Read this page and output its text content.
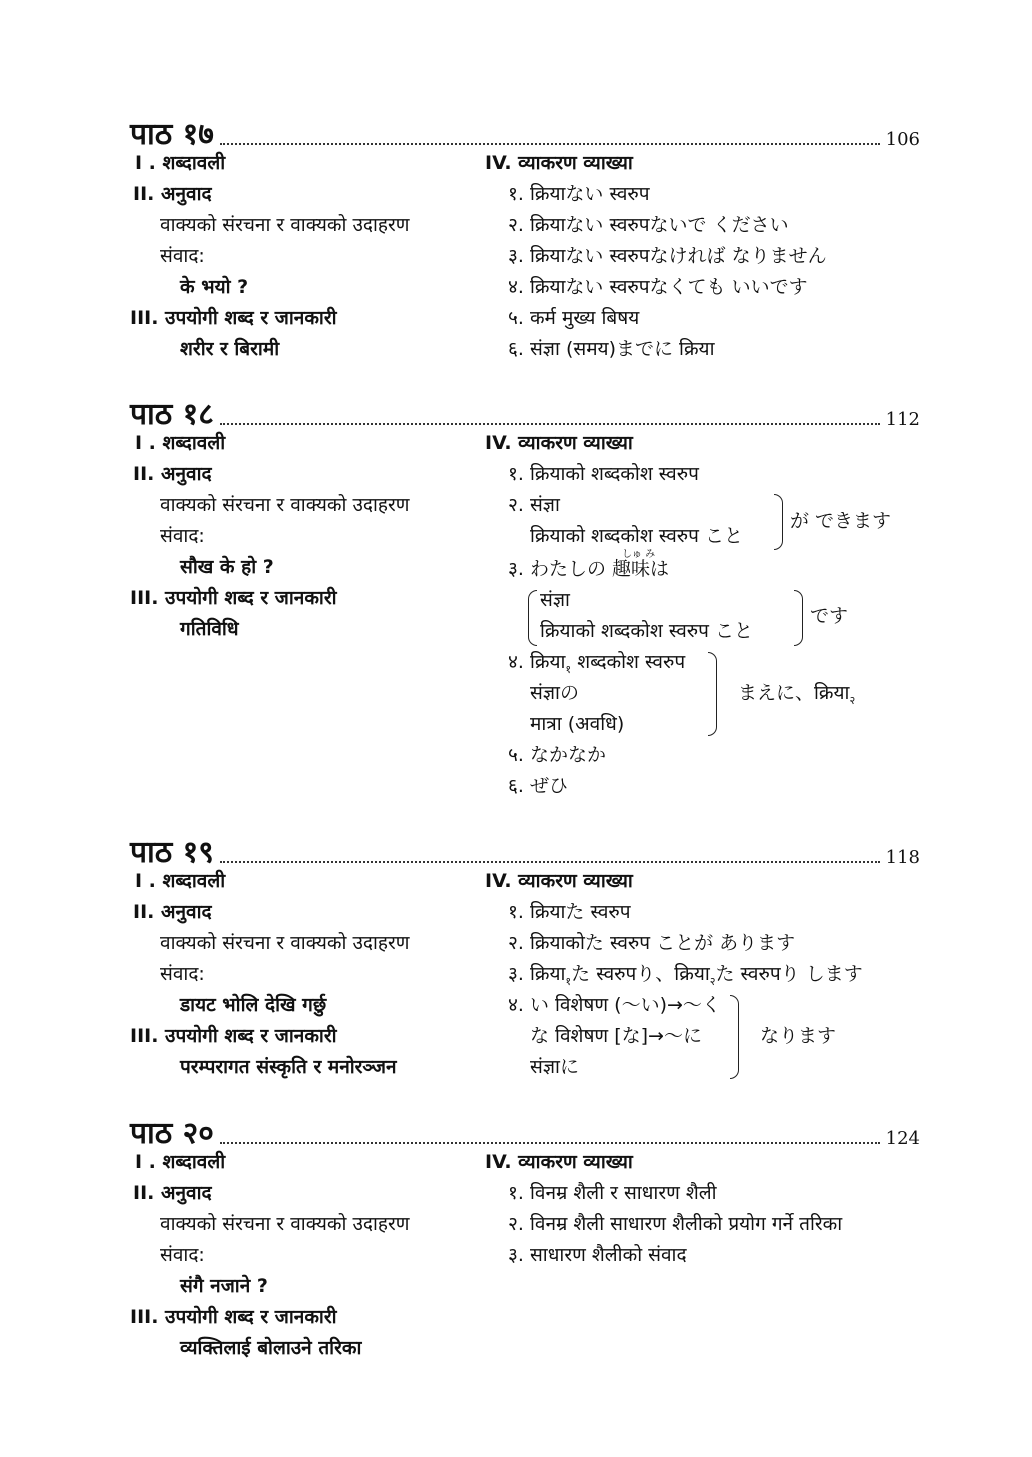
पाठ १७	106
I . शब्दावली
II. अनुवाद
वाक्यको संरचना र वाक्यको उदाहरण
संवाद:
के भयो ?
III. उपयोगी शब्द र जानकारी
शरीर र बिरामी
IV. व्याकरण व्याख्या
१. क्रियाない स्वरुप
२. क्रियाない स्वरुपないで ください
३. क्रियाない स्वरुपなければ なりません
४. क्रियाない स्वरुपなくても いいです
५. कर्म मुख्य बिषय
६. संज्ञा (समय)までに क्रिया
पाठ १८	112
I . शब्दावली
II. अनुवाद
वाक्यको संरचना र वाक्यको उदाहरण
संवाद:
सौख के हो ?
III. उपयोगी शब्द र जानकारी
गतिविधि
IV. व्याकरण व्याख्या
१. क्रियाको शब्दकोश स्वरुप
२. संज्ञा
क्रियाको शब्दकोश स्वरुप こと
が できます
३. わたしの 趣味は
しゅ み
संज्ञा
क्रियाको शब्दकोश स्वरुप こと
です
४. $क्रिया_१$ शब्दकोश स्वरुप
संज्ञाの
मात्रा (अवधि)
まえに、$क्रिया_२$
५. なかなか
६. ぜひ
पाठ १९	118
I . शब्दावली
II. अनुवाद
वाक्यको संरचना र वाक्यको उदाहरण
संवाद:
डायट भोलि देखि गर्छु
III. उपयोगी शब्द र जानकारी
परम्परागत संस्कृति र मनोरञ्जन
IV. व्याकरण व्याख्या
१. क्रियाた स्वरुप
२. क्रियाकोた स्वरुप ことが あります
३. $क्रिया_१$た स्वरुपり、$क्रिया_२$た स्वरुपり します
४. い विशेषण (〜い)→〜く
な विशेषण [な]→〜に
संज्ञाに
なります
पाठ २०	124
I . शब्दावली
II. अनुवाद
वाक्यको संरचना र वाक्यको उदाहरण
संवाद:
संगै नजाने ?
III. उपयोगी शब्द र जानकारी
व्यक्तिलाई बोलाउने तरिका
IV. व्याकरण व्याख्या
१. विनम्र शैली र साधारण शैली
२. विनम्र शैली साधारण शैलीको प्रयोग गर्ने तरिका
३. साधारण शैलीको संवाद
